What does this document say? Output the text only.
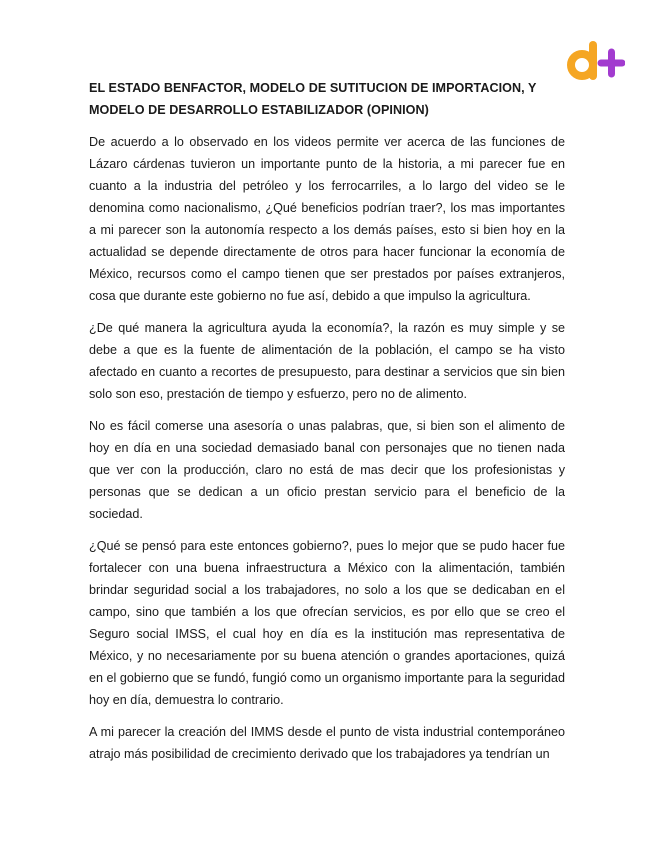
EL ESTADO BENFACTOR, MODELO DE SUTITUCION DE IMPORTACION, Y MODELO DE DESARROLLO ESTABILIZADOR (OPINION)

De acuerdo a lo observado en los videos permite ver acerca de las funciones de Lázaro cárdenas tuvieron un importante punto de la historia, a mi parecer fue en cuanto a la industria del petróleo y los ferrocarriles, a lo largo del video se le denomina como nacionalismo, ¿Qué beneficios podrían traer?, los mas importantes a mi parecer son la autonomía respecto a los demás países, esto si bien hoy en la actualidad se depende directamente de otros para hacer funcionar la economía de México, recursos como el campo tienen que ser prestados por países extranjeros, cosa que durante este gobierno no fue así, debido a que impulso la agricultura.

¿De qué manera la agricultura ayuda la economía?, la razón es muy simple y se debe a que es la fuente de alimentación de la población, el campo se ha visto afectado en cuanto a recortes de presupuesto, para destinar a servicios que sin bien solo son eso, prestación de tiempo y esfuerzo, pero no de alimento.

No es fácil comerse una asesoría o unas palabras, que, si bien son el alimento de hoy en día en una sociedad demasiado banal con personajes que no tienen nada que ver con la producción, claro no está de mas decir que los profesionistas y personas que se dedican a un oficio prestan servicio para el beneficio de la sociedad.

¿Qué se pensó para este entonces gobierno?, pues lo mejor que se pudo hacer fue fortalecer con una buena infraestructura a México con la alimentación, también brindar seguridad social a los trabajadores, no solo a los que se dedicaban en el campo, sino que también a los que ofrecían servicios, es por ello que se creo el Seguro social IMSS, el cual hoy en día es la institución mas representativa de México, y no necesariamente por su buena atención o grandes aportaciones, quizá en el gobierno que se fundó, fungió como un organismo importante para la seguridad hoy en día, demuestra lo contrario.

A mi parecer la creación del IMMS desde el punto de vista industrial contemporáneo atrajo más posibilidad de crecimiento derivado que los trabajadores ya tendrían un
